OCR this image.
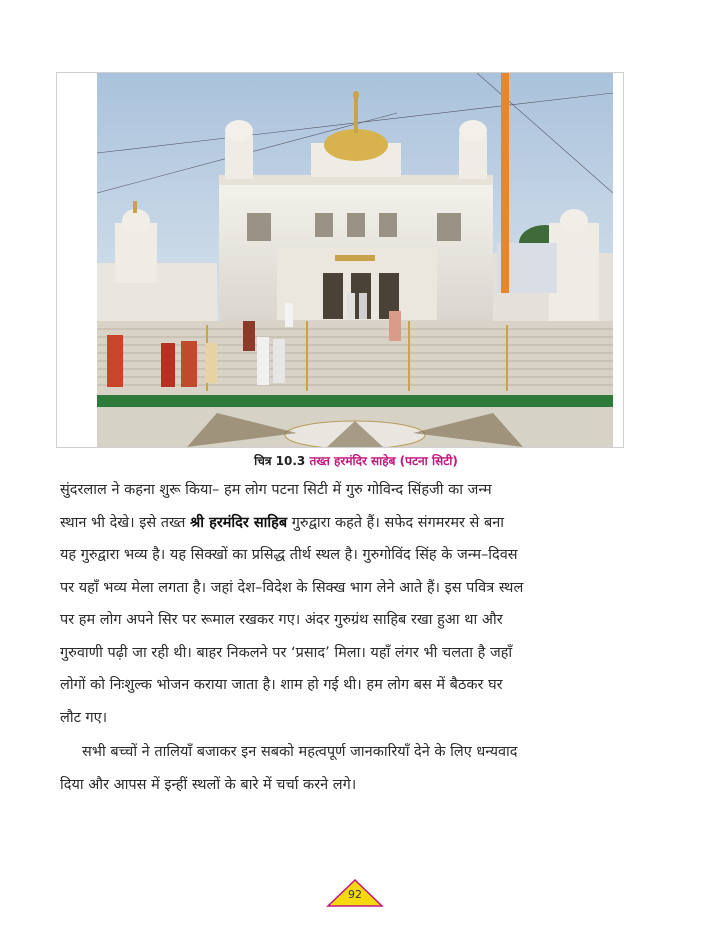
चित्र 10.3 तख्त हरमंदिर साहेब (पटना सिटी)
सुंदरलाल ने कहना शुरू किया– हम लोग पटना सिटी में गुरु गोविन्द सिंहजी का जन्म
स्थान भी देखे। इसे तख्त श्री हरमंदिर साहिब गुरुद्वारा कहते हैं। सफेद संगमरमर से बना
यह गुरुद्वारा भव्य है। यह सिक्खों का प्रसिद्ध तीर्थ स्थल है। गुरुगोविंद सिंह के जन्म–दिवस
पर यहाँ भव्य मेला लगता है। जहां देश–विदेश के सिक्ख भाग लेने आते हैं। इस पवित्र स्थल
पर हम लोग अपने सिर पर रूमाल रखकर गए। अंदर गुरुग्रंथ साहिब रखा हुआ था और
गुरुवाणी पढ़ी जा रही थी। बाहर निकलने पर ‘प्रसाद’ मिला। यहाँ लंगर भी चलता है जहाँ
लोगों को निःशुल्क भोजन कराया जाता है। शाम हो गई थी। हम लोग बस में बैठकर घर
लौट गए।
सभी बच्चों ने तालियाँ बजाकर इन सबको महत्वपूर्ण जानकारियाँ देने के लिए धन्यवाद
दिया और आपस में इन्हीं स्थलों के बारे में चर्चा करने लगे।
92
